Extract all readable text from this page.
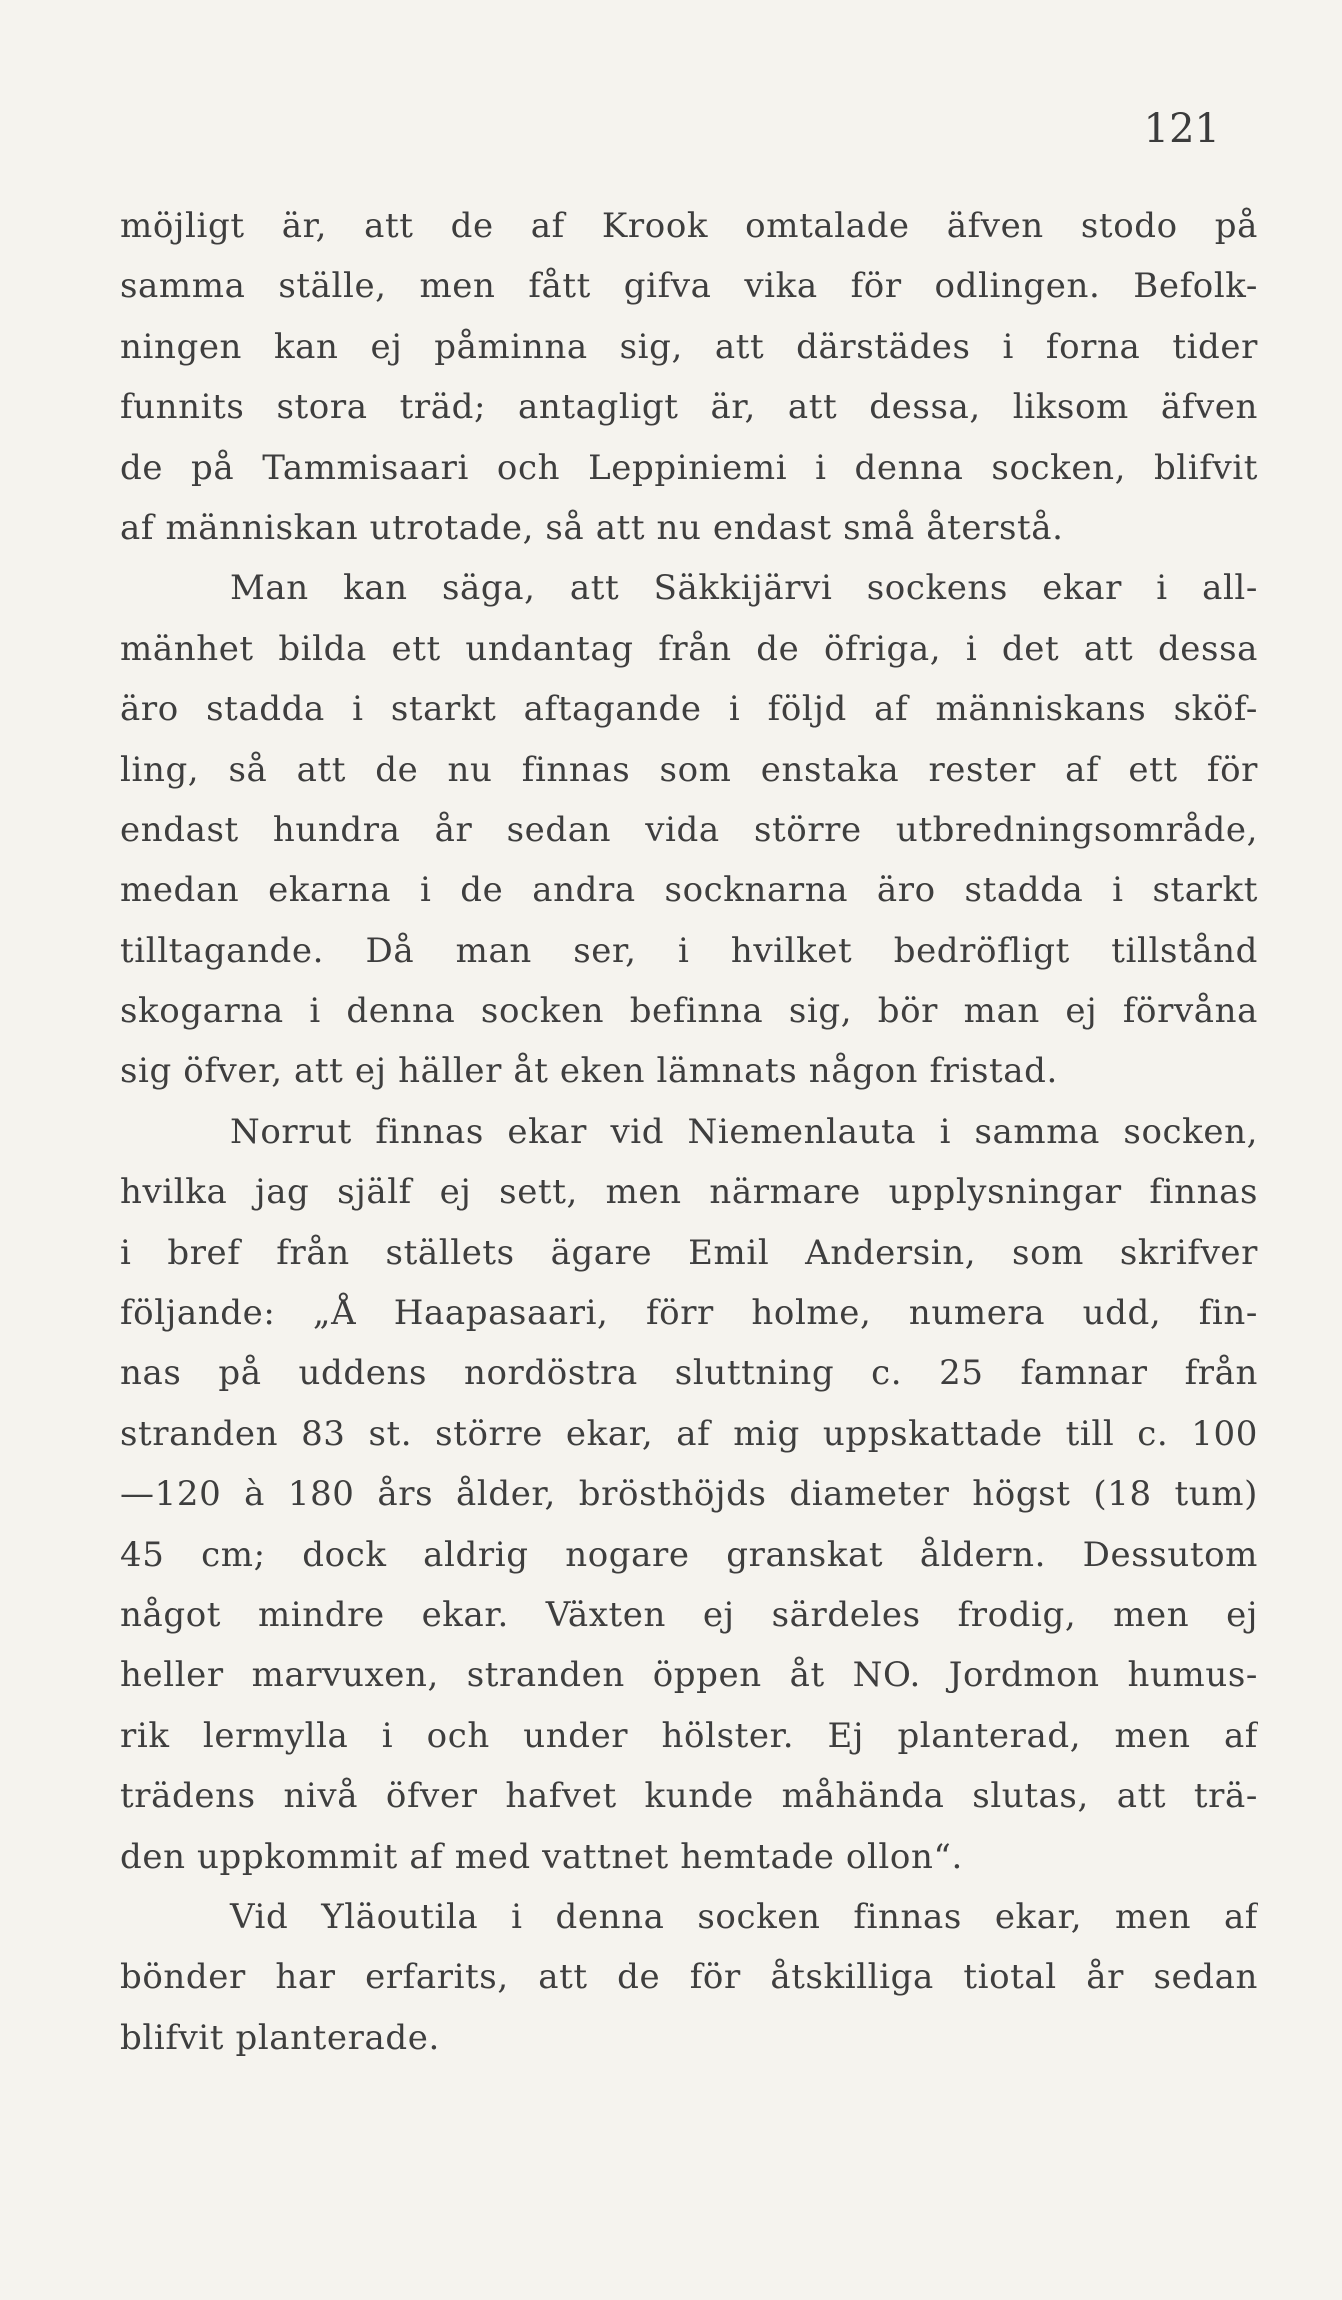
121
möjligt är, att de af Krook omtalade äfven stodo på
samma ställe, men fått gifva vika för odlingen. Befolk-
ningen kan ej påminna sig, att därstädes i forna tider
funnits stora träd; antagligt är, att dessa, liksom äfven
de på Tammisaari och Leppiniemi i denna socken, blifvit
af människan utrotade, så att nu endast små återstå.
Man kan säga, att Säkkijärvi sockens ekar i all-
mänhet bilda ett undantag från de öfriga, i det att dessa
äro stadda i starkt aftagande i följd af människans sköf-
ling, så att de nu finnas som enstaka rester af ett för
endast hundra år sedan vida större utbredningsområde,
medan ekarna i de andra socknarna äro stadda i starkt
tilltagande. Då man ser, i hvilket bedröfligt tillstånd
skogarna i denna socken befinna sig, bör man ej förvåna
sig öfver, att ej häller åt eken lämnats någon fristad.
Norrut finnas ekar vid Niemenlauta i samma socken,
hvilka jag själf ej sett, men närmare upplysningar finnas
i bref från ställets ägare Emil Andersin, som skrifver
följande: „Å Haapasaari, förr holme, numera udd, fin-
nas på uddens nordöstra sluttning c. 25 famnar från
stranden 83 st. större ekar, af mig uppskattade till c. 100
—120 à 180 års ålder, brösthöjds diameter högst (18 tum)
45 cm; dock aldrig nogare granskat åldern. Dessutom
något mindre ekar. Växten ej särdeles frodig, men ej
heller marvuxen, stranden öppen åt NO. Jordmon humus-
rik lermylla i och under hölster. Ej planterad, men af
trädens nivå öfver hafvet kunde måhända slutas, att trä-
den uppkommit af med vattnet hemtade ollon“.
Vid Yläoutila i denna socken finnas ekar, men af
bönder har erfarits, att de för åtskilliga tiotal år sedan
blifvit planterade.
